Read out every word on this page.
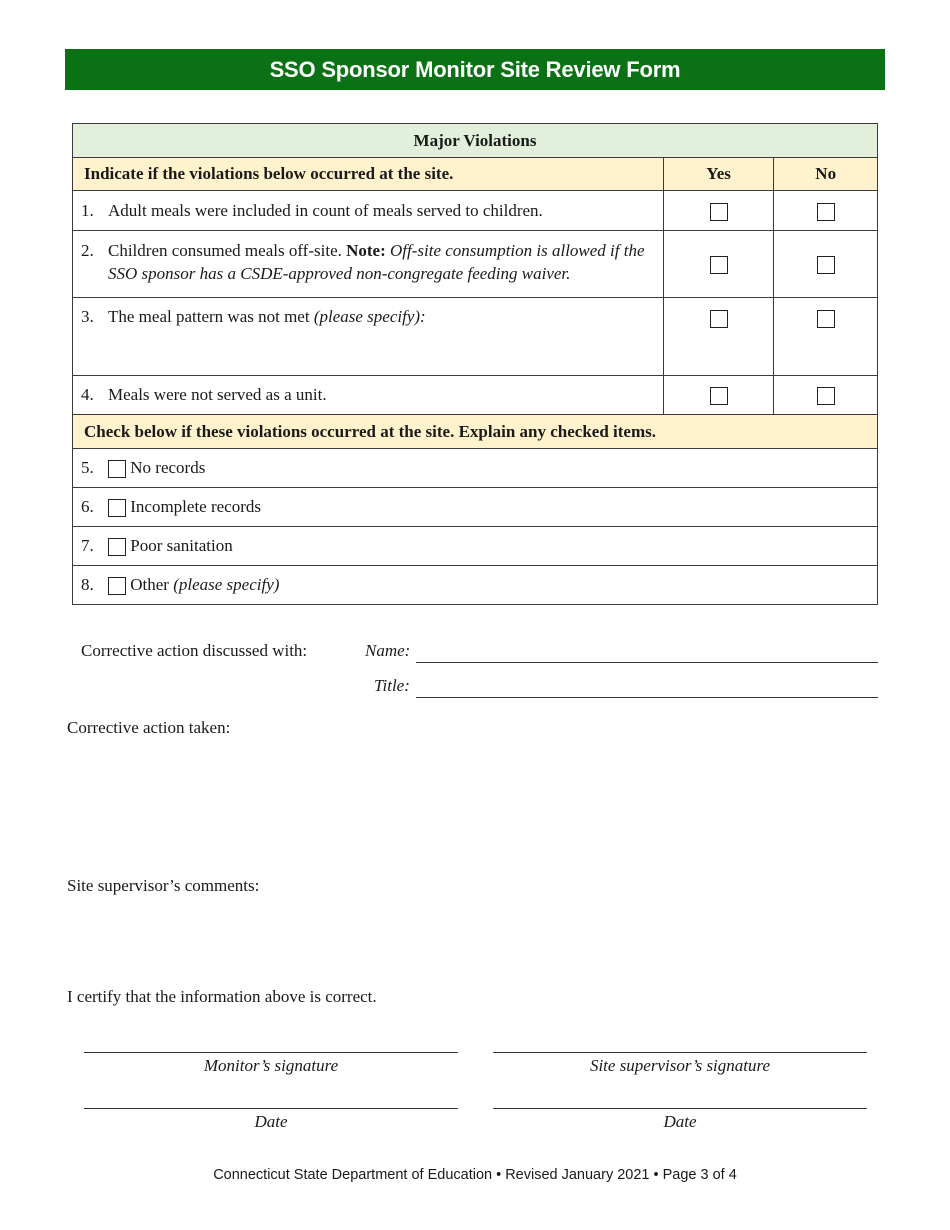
SSO Sponsor Monitor Site Review Form
Major Violations		
Indicate if the violations below occurred at the site.	Yes	No
1. Adult meals were included in count of meals served to children.		
2. Children consumed meals off-site. Note: Off-site consumption is allowed if the SSO sponsor has a CSDE-approved non-congregate feeding waiver.		
3. The meal pattern was not met (please specify):		
4. Meals were not served as a unit.		
Check below if these violations occurred at the site. Explain any checked items.		
5. No records		
6. Incomplete records		
7. Poor sanitation		
8. Other (please specify)		
Corrective action discussed with:	Name:
Title:
Corrective action taken:
Site supervisor’s comments:
I certify that the information above is correct.
Monitor’s signature	Site supervisor’s signature
Date	Date
Connecticut State Department of Education • Revised January 2021 • Page 3 of 4
